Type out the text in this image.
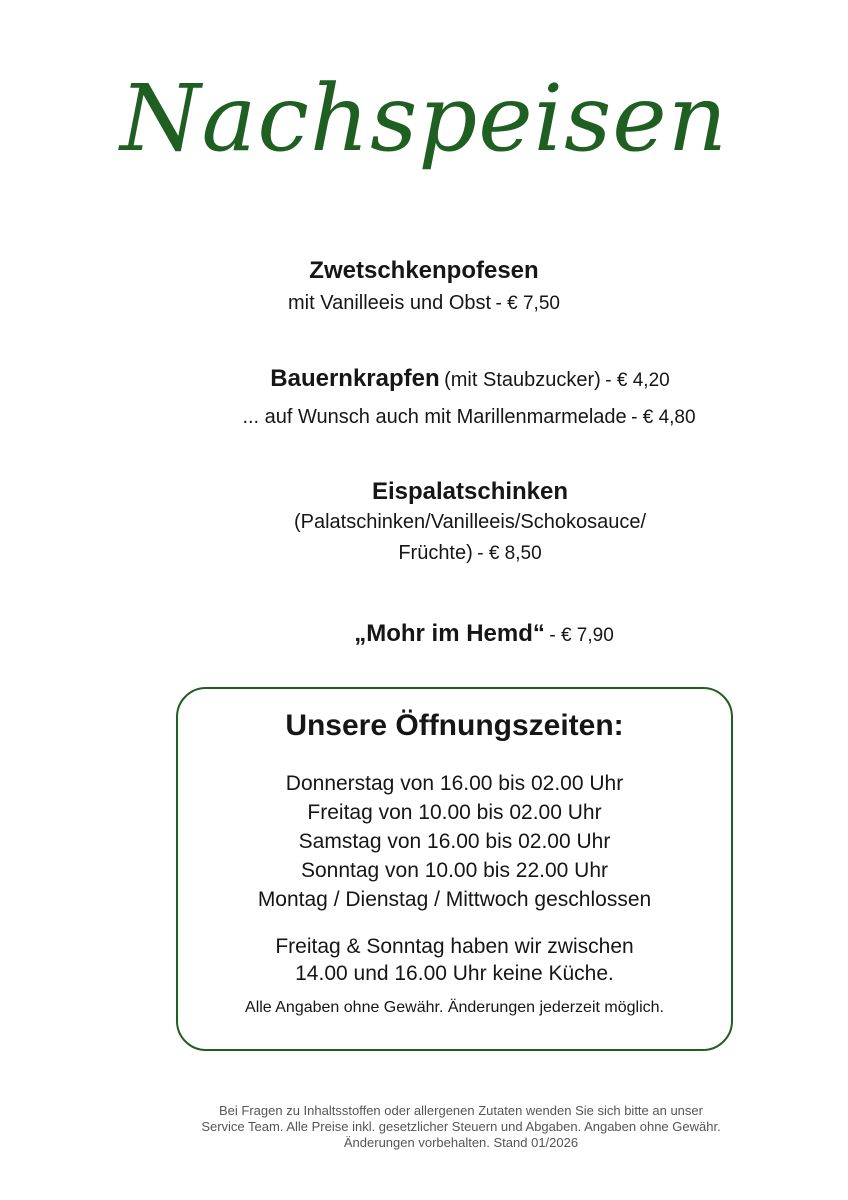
Nachspeisen
Zwetschkenpofesen
mit Vanilleeis und Obst - € 7,50
Bauernkrapfen (mit Staubzucker) - € 4,20
... auf Wunsch auch mit Marillenmarmelade - € 4,80
Eispalatschinken
(Palatschinken/Vanilleeis/Schokosauce/
Früchte) - € 8,50
„Mohr im Hemd“ - € 7,90
Unsere Öffnungszeiten:
Donnerstag von 16.00 bis 02.00 Uhr
Freitag von 10.00 bis 02.00 Uhr
Samstag von 16.00 bis 02.00 Uhr
Sonntag von 10.00 bis 22.00 Uhr
Montag / Dienstag / Mittwoch geschlossen
Freitag & Sonntag haben wir zwischen
14.00 und 16.00 Uhr keine Küche.
Alle Angaben ohne Gewähr. Änderungen jederzeit möglich.
Bei Fragen zu Inhaltsstoffen oder allergenen Zutaten wenden Sie sich bitte an unser
Service Team. Alle Preise inkl. gesetzlicher Steuern und Abgaben. Angaben ohne Gewähr.
Änderungen vorbehalten. Stand 01/2026
